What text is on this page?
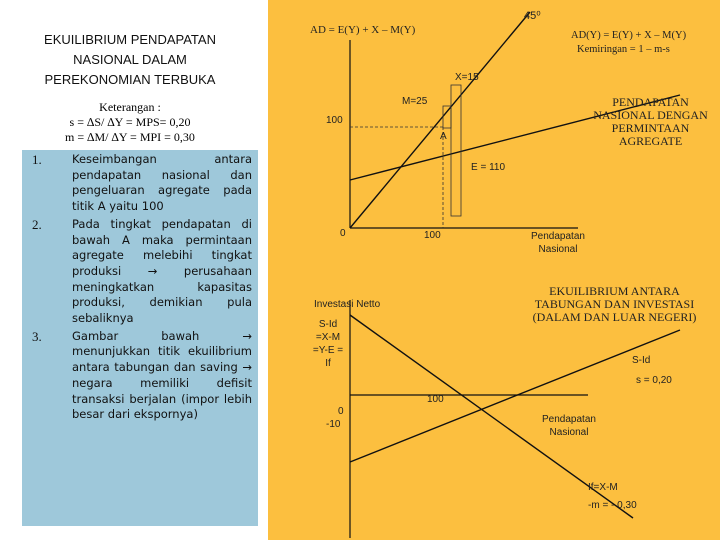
EKUILIBRIUM PENDAPATAN
NASIONAL DALAM
PEREKONOMIAN TERBUKA
Keterangan :
s = ∆S/ ∆Y = MPS= 0,20
m = ∆M/ ∆Y = MPI = 0,30
1.	Keseimbangan antara pendapatan nasional dan pengeluaran agregate pada titik A yaitu 100
2.	Pada tingkat pendapatan di bawah A maka permintaan agregate melebihi tingkat produksi → perusahaan meningkatkan kapasitas produksi, demikian pula sebaliknya
3.	Gambar bawah → menunjukkan titik ekuilibrium antara tabungan dan saving → negara memiliki defisit transaksi berjalan (impor lebih besar dari ekspornya)
AD = E(Y) + X – M(Y)
45⁰
AD(Y) = E(Y) + X – M(Y)
Kemiringan = 1 – m-s
X=15
M=25
100
A
E = 110
0	100	Pendapatan Nasional
PENDAPATAN NASIONAL DENGAN PERMINTAAN AGREGATE
EKUILIBRIUM ANTARA TABUNGAN DAN INVESTASI (DALAM DAN LUAR NEGERI)
Investasi Netto
S-Id
=X-M
=Y-E =
If	S-Id
s = 0,20
100
0
-10	Pendapatan Nasional
If=X-M
-m = - 0,30
